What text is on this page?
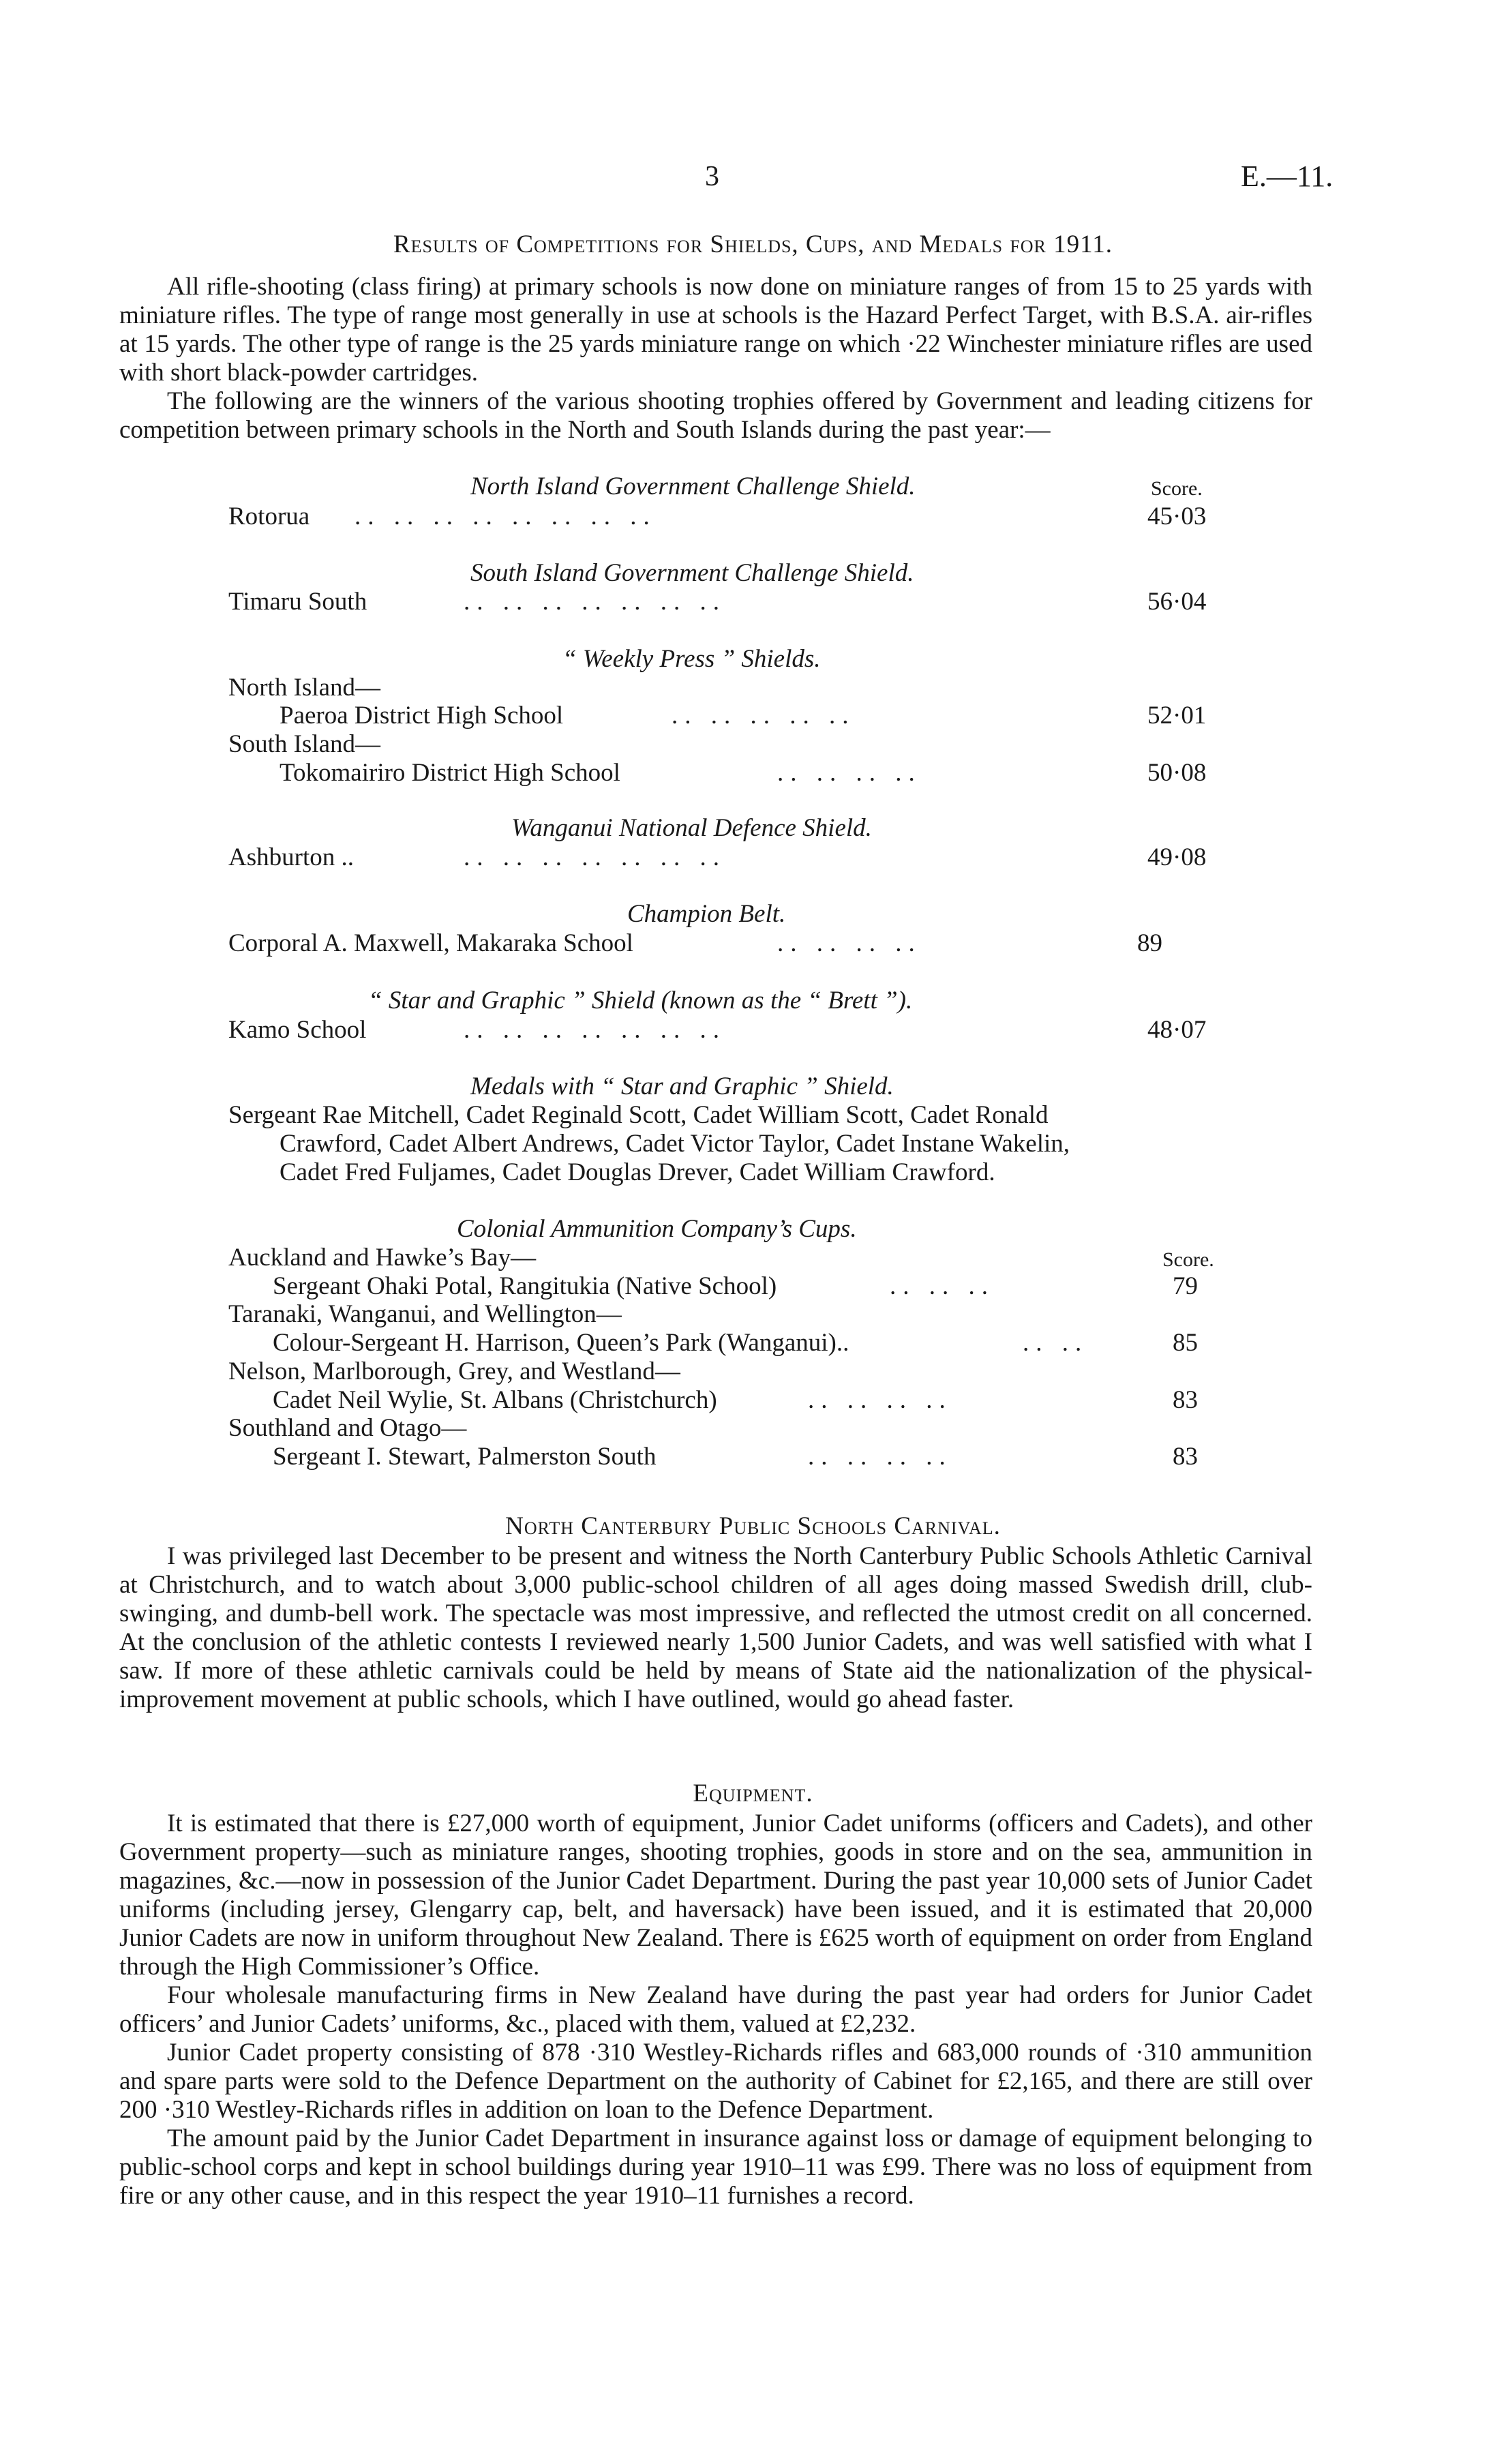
3	E.—11.
Results of Competitions for Shields, Cups, and Medals for 1911.

All rifle-shooting (class firing) at primary schools is now done on miniature ranges of from 15 to 25 yards with miniature rifles. The type of range most generally in use at schools is the Hazard Perfect Target, with B.S.A. air-rifles at 15 yards. The other type of range is the 25 yards miniature range on which ·22 Winchester miniature rifles are used with short black-powder cartridges.

The following are the winners of the various shooting trophies offered by Government and leading citizens for competition between primary schools in the North and South Islands during the past year:—

North Island Government Challenge Shield.	Score.
Rotorua .. .. .. .. .. .. .. ..	45·03
South Island Government Challenge Shield.
Timaru South	.. .. .. .. .. .. ..	56·04
“ Weekly Press ” Shields.
North Island—
Paeroa District High School	.. .. .. .. ..	52·01
South Island—
Tokomairiro District High School	.. .. .. ..	50·08
Wanganui National Defence Shield.
Ashburton ..	.. .. .. .. .. .. ..	49·08
Champion Belt.
Corporal A. Maxwell, Makaraka School	.. .. .. ..	89
“ Star and Graphic ” Shield (known as the “ Brett ”).
Kamo School	.. .. .. .. .. .. ..	48·07
Medals with “ Star and Graphic ” Shield.
Sergeant Rae Mitchell, Cadet Reginald Scott, Cadet William Scott, Cadet Ronald
Crawford, Cadet Albert Andrews, Cadet Victor Taylor, Cadet Instane Wakelin,
Cadet Fred Fuljames, Cadet Douglas Drever, Cadet William Crawford.
Colonial Ammunition Company’s Cups.
Score.
Auckland and Hawke’s Bay—
Sergeant Ohaki Potal, Rangitukia (Native School)	.. .. ..	79
Taranaki, Wanganui, and Wellington—
Colour-Sergeant H. Harrison, Queen’s Park (Wanganui)..	.. ..	85
Nelson, Marlborough, Grey, and Westland—
Cadet Neil Wylie, St. Albans (Christchurch)	.. .. .. ..	83
Southland and Otago—
Sergeant I. Stewart, Palmerston South	.. .. .. ..	83
North Canterbury Public Schools Carnival.

I was privileged last December to be present and witness the North Canterbury Public Schools Athletic Carnival at Christchurch, and to watch about 3,000 public-school children of all ages doing massed Swedish drill, club-swinging, and dumb-bell work. The spectacle was most impressive, and reflected the utmost credit on all concerned. At the conclusion of the athletic contests I reviewed nearly 1,500 Junior Cadets, and was well satisfied with what I saw. If more of these athletic carnivals could be held by means of State aid the nationalization of the physical-improvement movement at public schools, which I have outlined, would go ahead faster.

Equipment.

It is estimated that there is £27,000 worth of equipment, Junior Cadet uniforms (officers and Cadets), and other Government property—such as miniature ranges, shooting trophies, goods in store and on the sea, ammunition in magazines, &c.—now in possession of the Junior Cadet Department. During the past year 10,000 sets of Junior Cadet uniforms (including jersey, Glengarry cap, belt, and haversack) have been issued, and it is estimated that 20,000 Junior Cadets are now in uniform throughout New Zealand. There is £625 worth of equipment on order from England through the High Commissioner’s Office.

Four wholesale manufacturing firms in New Zealand have during the past year had orders for Junior Cadet officers’ and Junior Cadets’ uniforms, &c., placed with them, valued at £2,232.

Junior Cadet property consisting of 878 ·310 Westley-Richards rifles and 683,000 rounds of ·310 ammunition and spare parts were sold to the Defence Department on the authority of Cabinet for £2,165, and there are still over 200 ·310 Westley-Richards rifles in addition on loan to the Defence Department.

The amount paid by the Junior Cadet Department in insurance against loss or damage of equipment belonging to public-school corps and kept in school buildings during year 1910–11 was £99. There was no loss of equipment from fire or any other cause, and in this respect the year 1910–11 furnishes a record.
